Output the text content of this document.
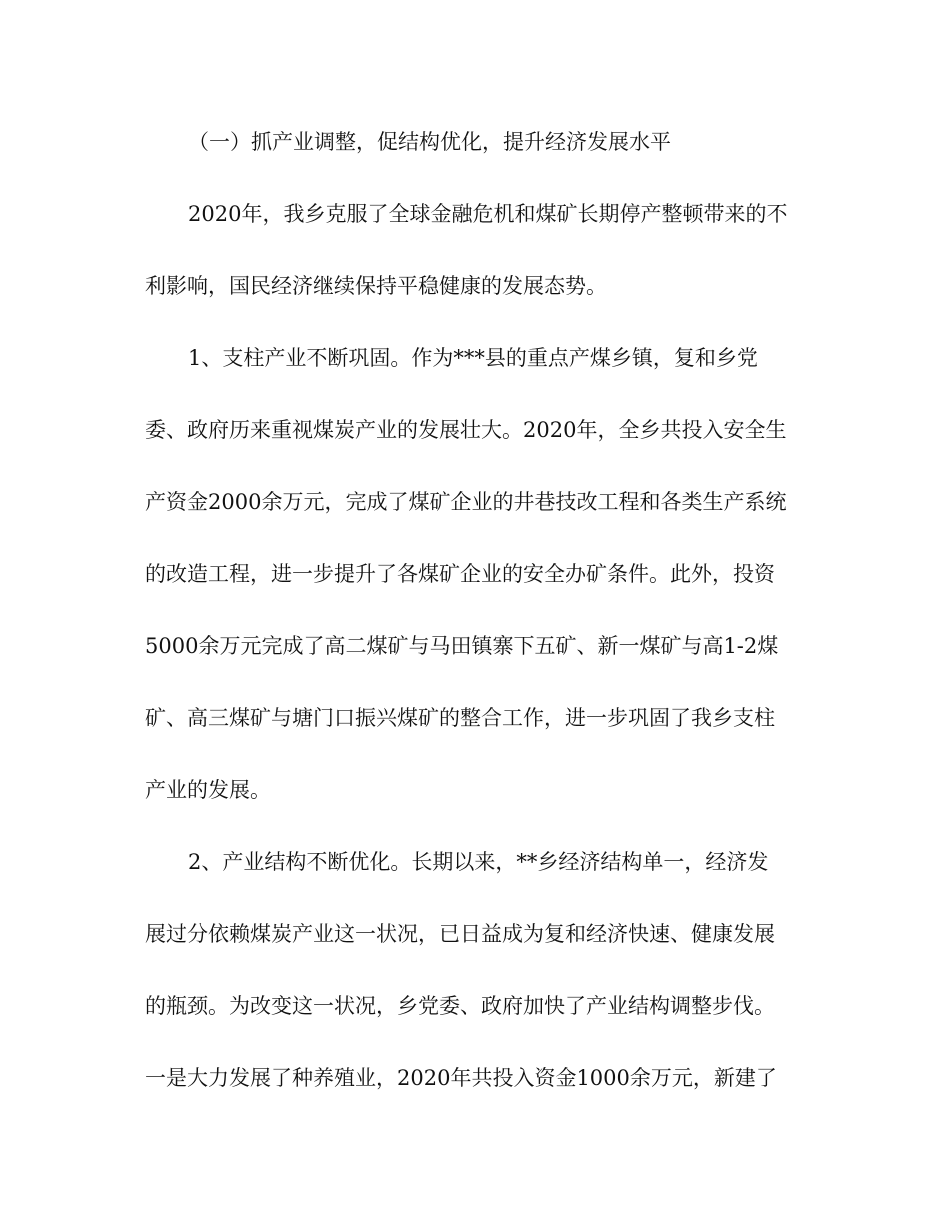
（一）抓产业调整，促结构优化，提升经济发展水平
2020年，我乡克服了全球金融危机和煤矿长期停产整顿带来的不
利影响，国民经济继续保持平稳健康的发展态势。
1、支柱产业不断巩固。作为***县的重点产煤乡镇，复和乡党
委、政府历来重视煤炭产业的发展壮大。2020年，全乡共投入安全生
产资金2000余万元，完成了煤矿企业的井巷技改工程和各类生产系统
的改造工程，进一步提升了各煤矿企业的安全办矿条件。此外，投资
5000余万元完成了高二煤矿与马田镇寨下五矿、新一煤矿与高1-2煤
矿、高三煤矿与塘门口振兴煤矿的整合工作，进一步巩固了我乡支柱
产业的发展。
2、产业结构不断优化。长期以来，**乡经济结构单一，经济发
展过分依赖煤炭产业这一状况，已日益成为复和经济快速、健康发展
的瓶颈。为改变这一状况，乡党委、政府加快了产业结构调整步伐。
一是大力发展了种养殖业，2020年共投入资金1000余万元，新建了
